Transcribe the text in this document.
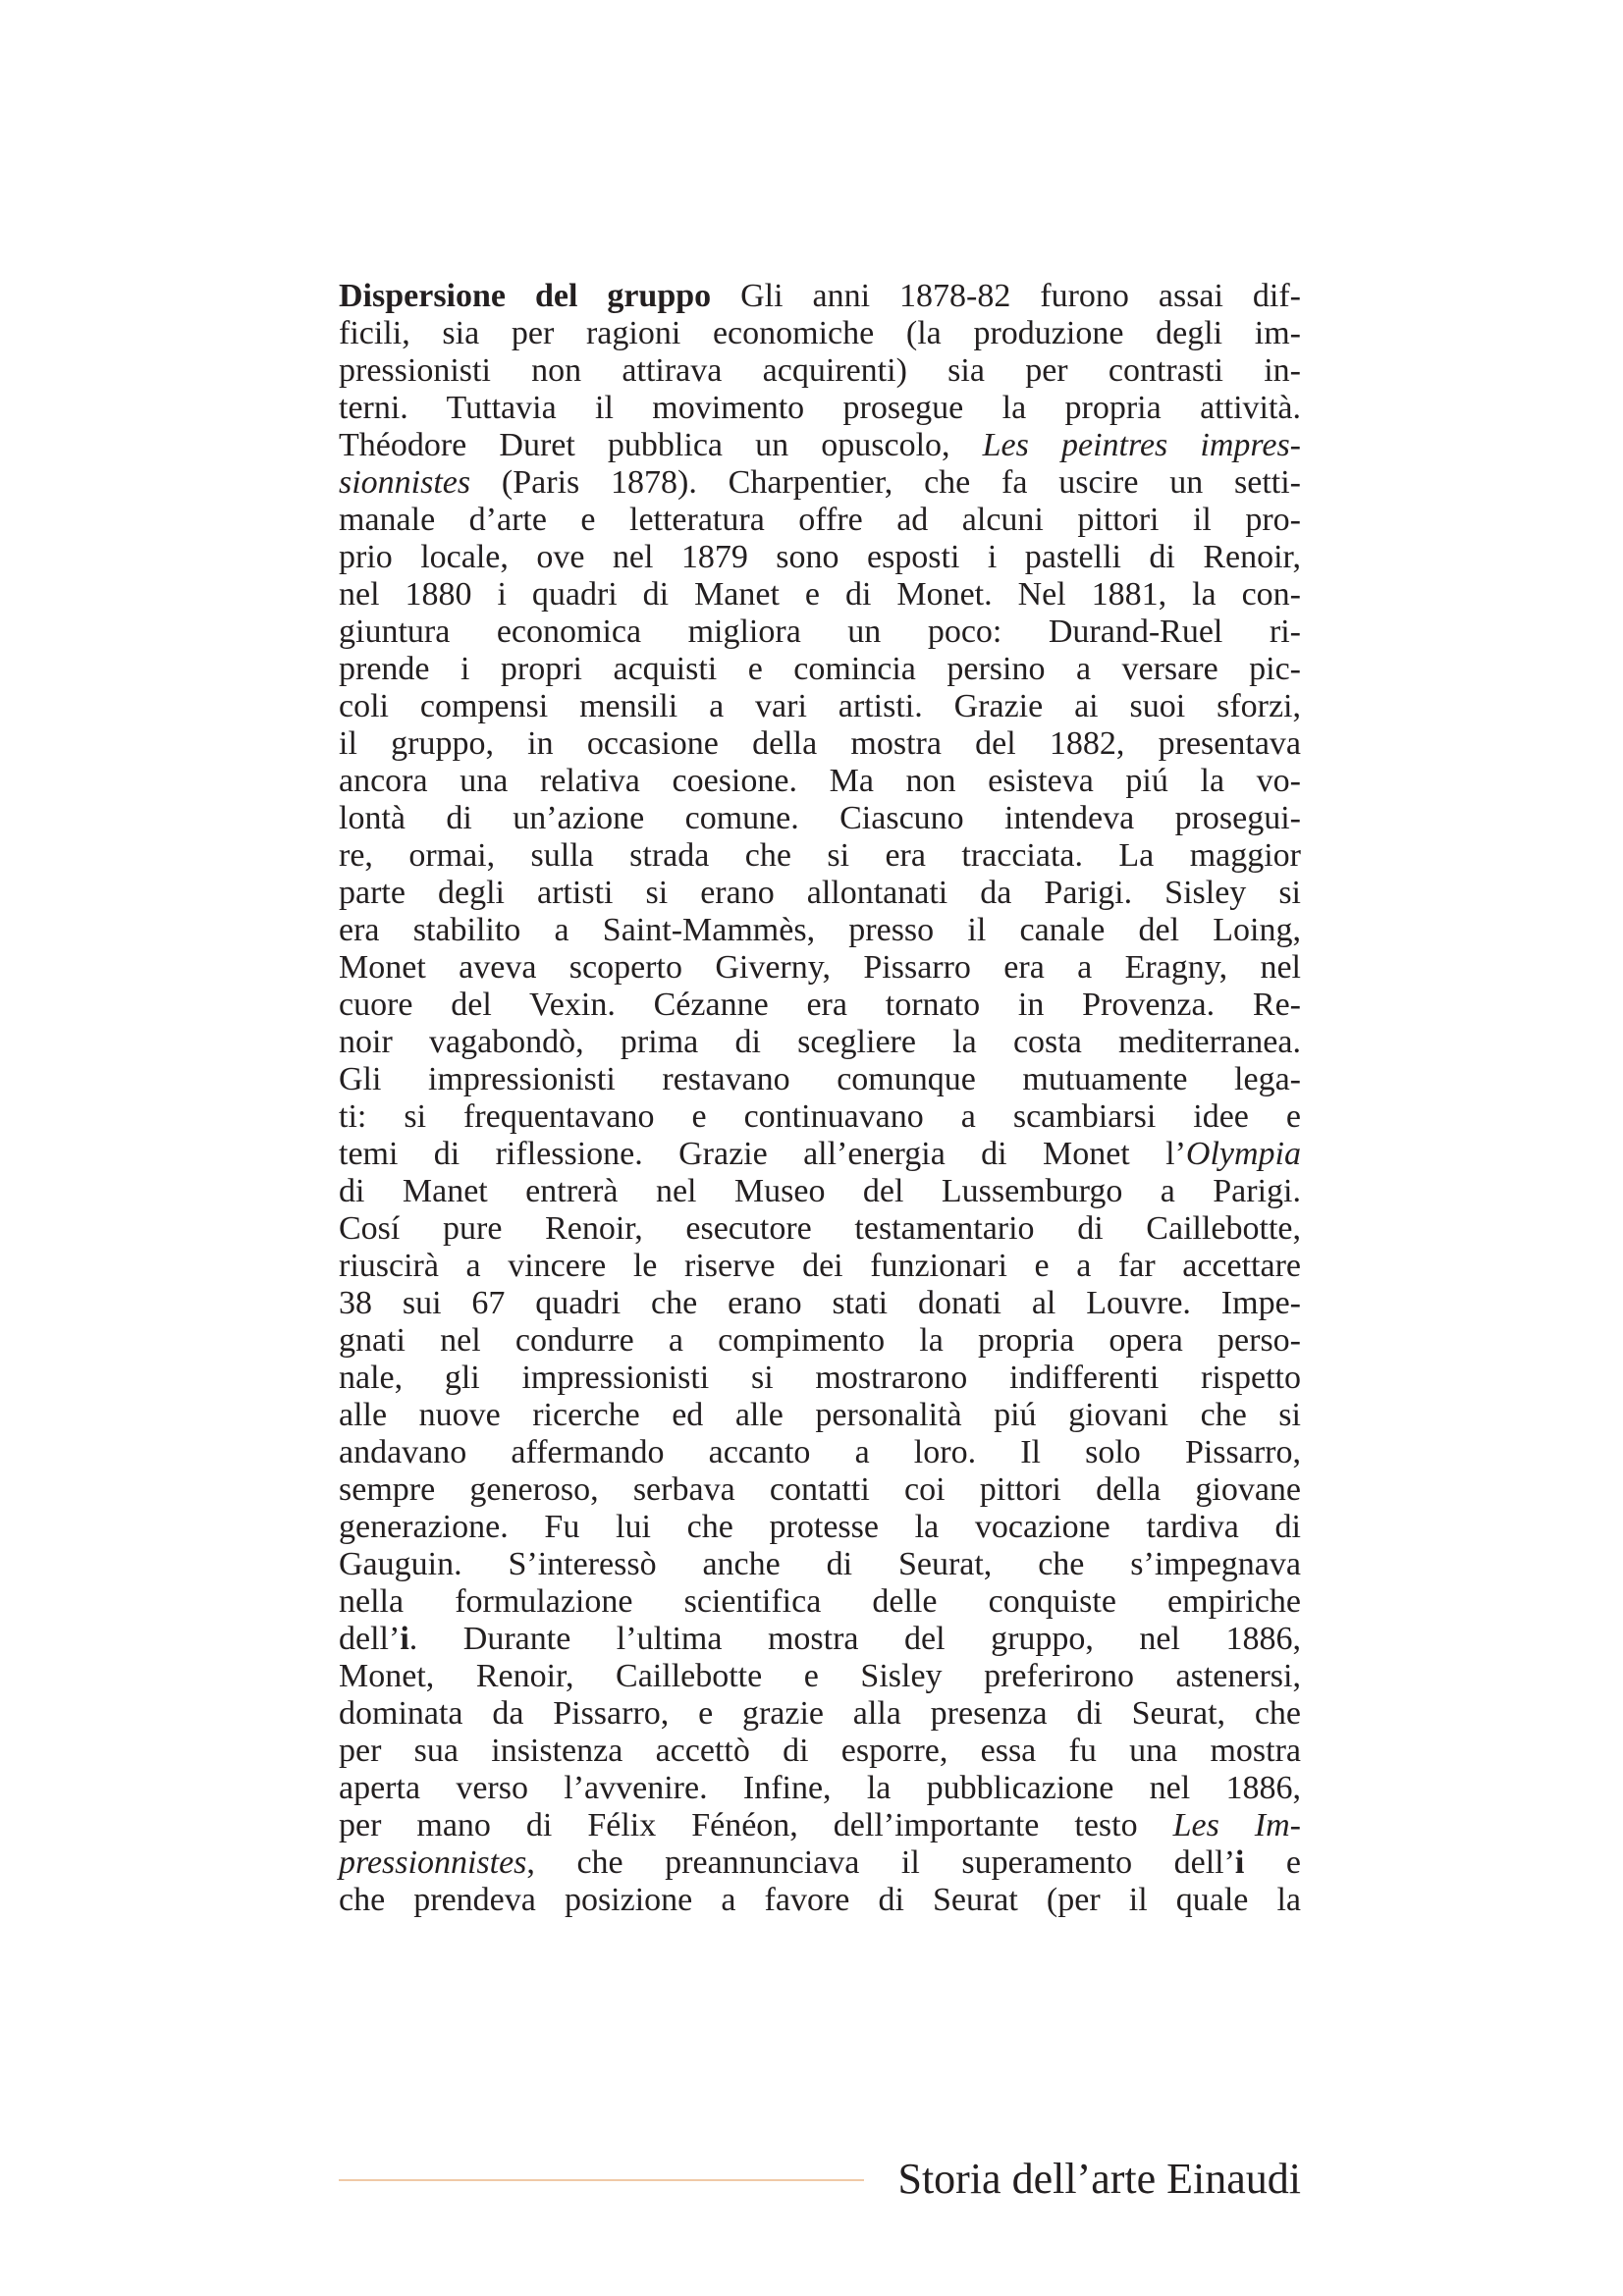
Dispersione del gruppo Gli anni 1878-82 furono assai dif-
ficili, sia per ragioni economiche (la produzione degli im-
pressionisti non attirava acquirenti) sia per contrasti in-
terni. Tuttavia il movimento prosegue la propria attività.
Théodore Duret pubblica un opuscolo, Les peintres impres-
sionnistes (Paris 1878). Charpentier, che fa uscire un setti-
manale d’arte e letteratura offre ad alcuni pittori il pro-
prio locale, ove nel 1879 sono esposti i pastelli di Renoir,
nel 1880 i quadri di Manet e di Monet. Nel 1881, la con-
giuntura economica migliora un poco: Durand-Ruel ri-
prende i propri acquisti e comincia persino a versare pic-
coli compensi mensili a vari artisti. Grazie ai suoi sforzi,
il gruppo, in occasione della mostra del 1882, presentava
ancora una relativa coesione. Ma non esisteva piú la vo-
lontà di un’azione comune. Ciascuno intendeva prosegui-
re, ormai, sulla strada che si era tracciata. La maggior
parte degli artisti si erano allontanati da Parigi. Sisley si
era stabilito a Saint-Mammès, presso il canale del Loing,
Monet aveva scoperto Giverny, Pissarro era a Eragny, nel
cuore del Vexin. Cézanne era tornato in Provenza. Re-
noir vagabondò, prima di scegliere la costa mediterranea.
Gli impressionisti restavano comunque mutuamente lega-
ti: si frequentavano e continuavano a scambiarsi idee e
temi di riflessione. Grazie all’energia di Monet l’Olympia
di Manet entrerà nel Museo del Lussemburgo a Parigi.
Cosí pure Renoir, esecutore testamentario di Caillebotte,
riuscirà a vincere le riserve dei funzionari e a far accettare
38 sui 67 quadri che erano stati donati al Louvre. Impe-
gnati nel condurre a compimento la propria opera perso-
nale, gli impressionisti si mostrarono indifferenti rispetto
alle nuove ricerche ed alle personalità piú giovani che si
andavano affermando accanto a loro. Il solo Pissarro,
sempre generoso, serbava contatti coi pittori della giovane
generazione. Fu lui che protesse la vocazione tardiva di
Gauguin. S’interessò anche di Seurat, che s’impegnava
nella formulazione scientifica delle conquiste empiriche
dell’i. Durante l’ultima mostra del gruppo, nel 1886,
Monet, Renoir, Caillebotte e Sisley preferirono astenersi,
dominata da Pissarro, e grazie alla presenza di Seurat, che
per sua insistenza accettò di esporre, essa fu una mostra
aperta verso l’avvenire. Infine, la pubblicazione nel 1886,
per mano di Félix Fénéon, dell’importante testo Les Im-
pressionnistes, che preannunciava il superamento dell’i e
che prendeva posizione a favore di Seurat (per il quale la
Storia dell’arte Einaudi
